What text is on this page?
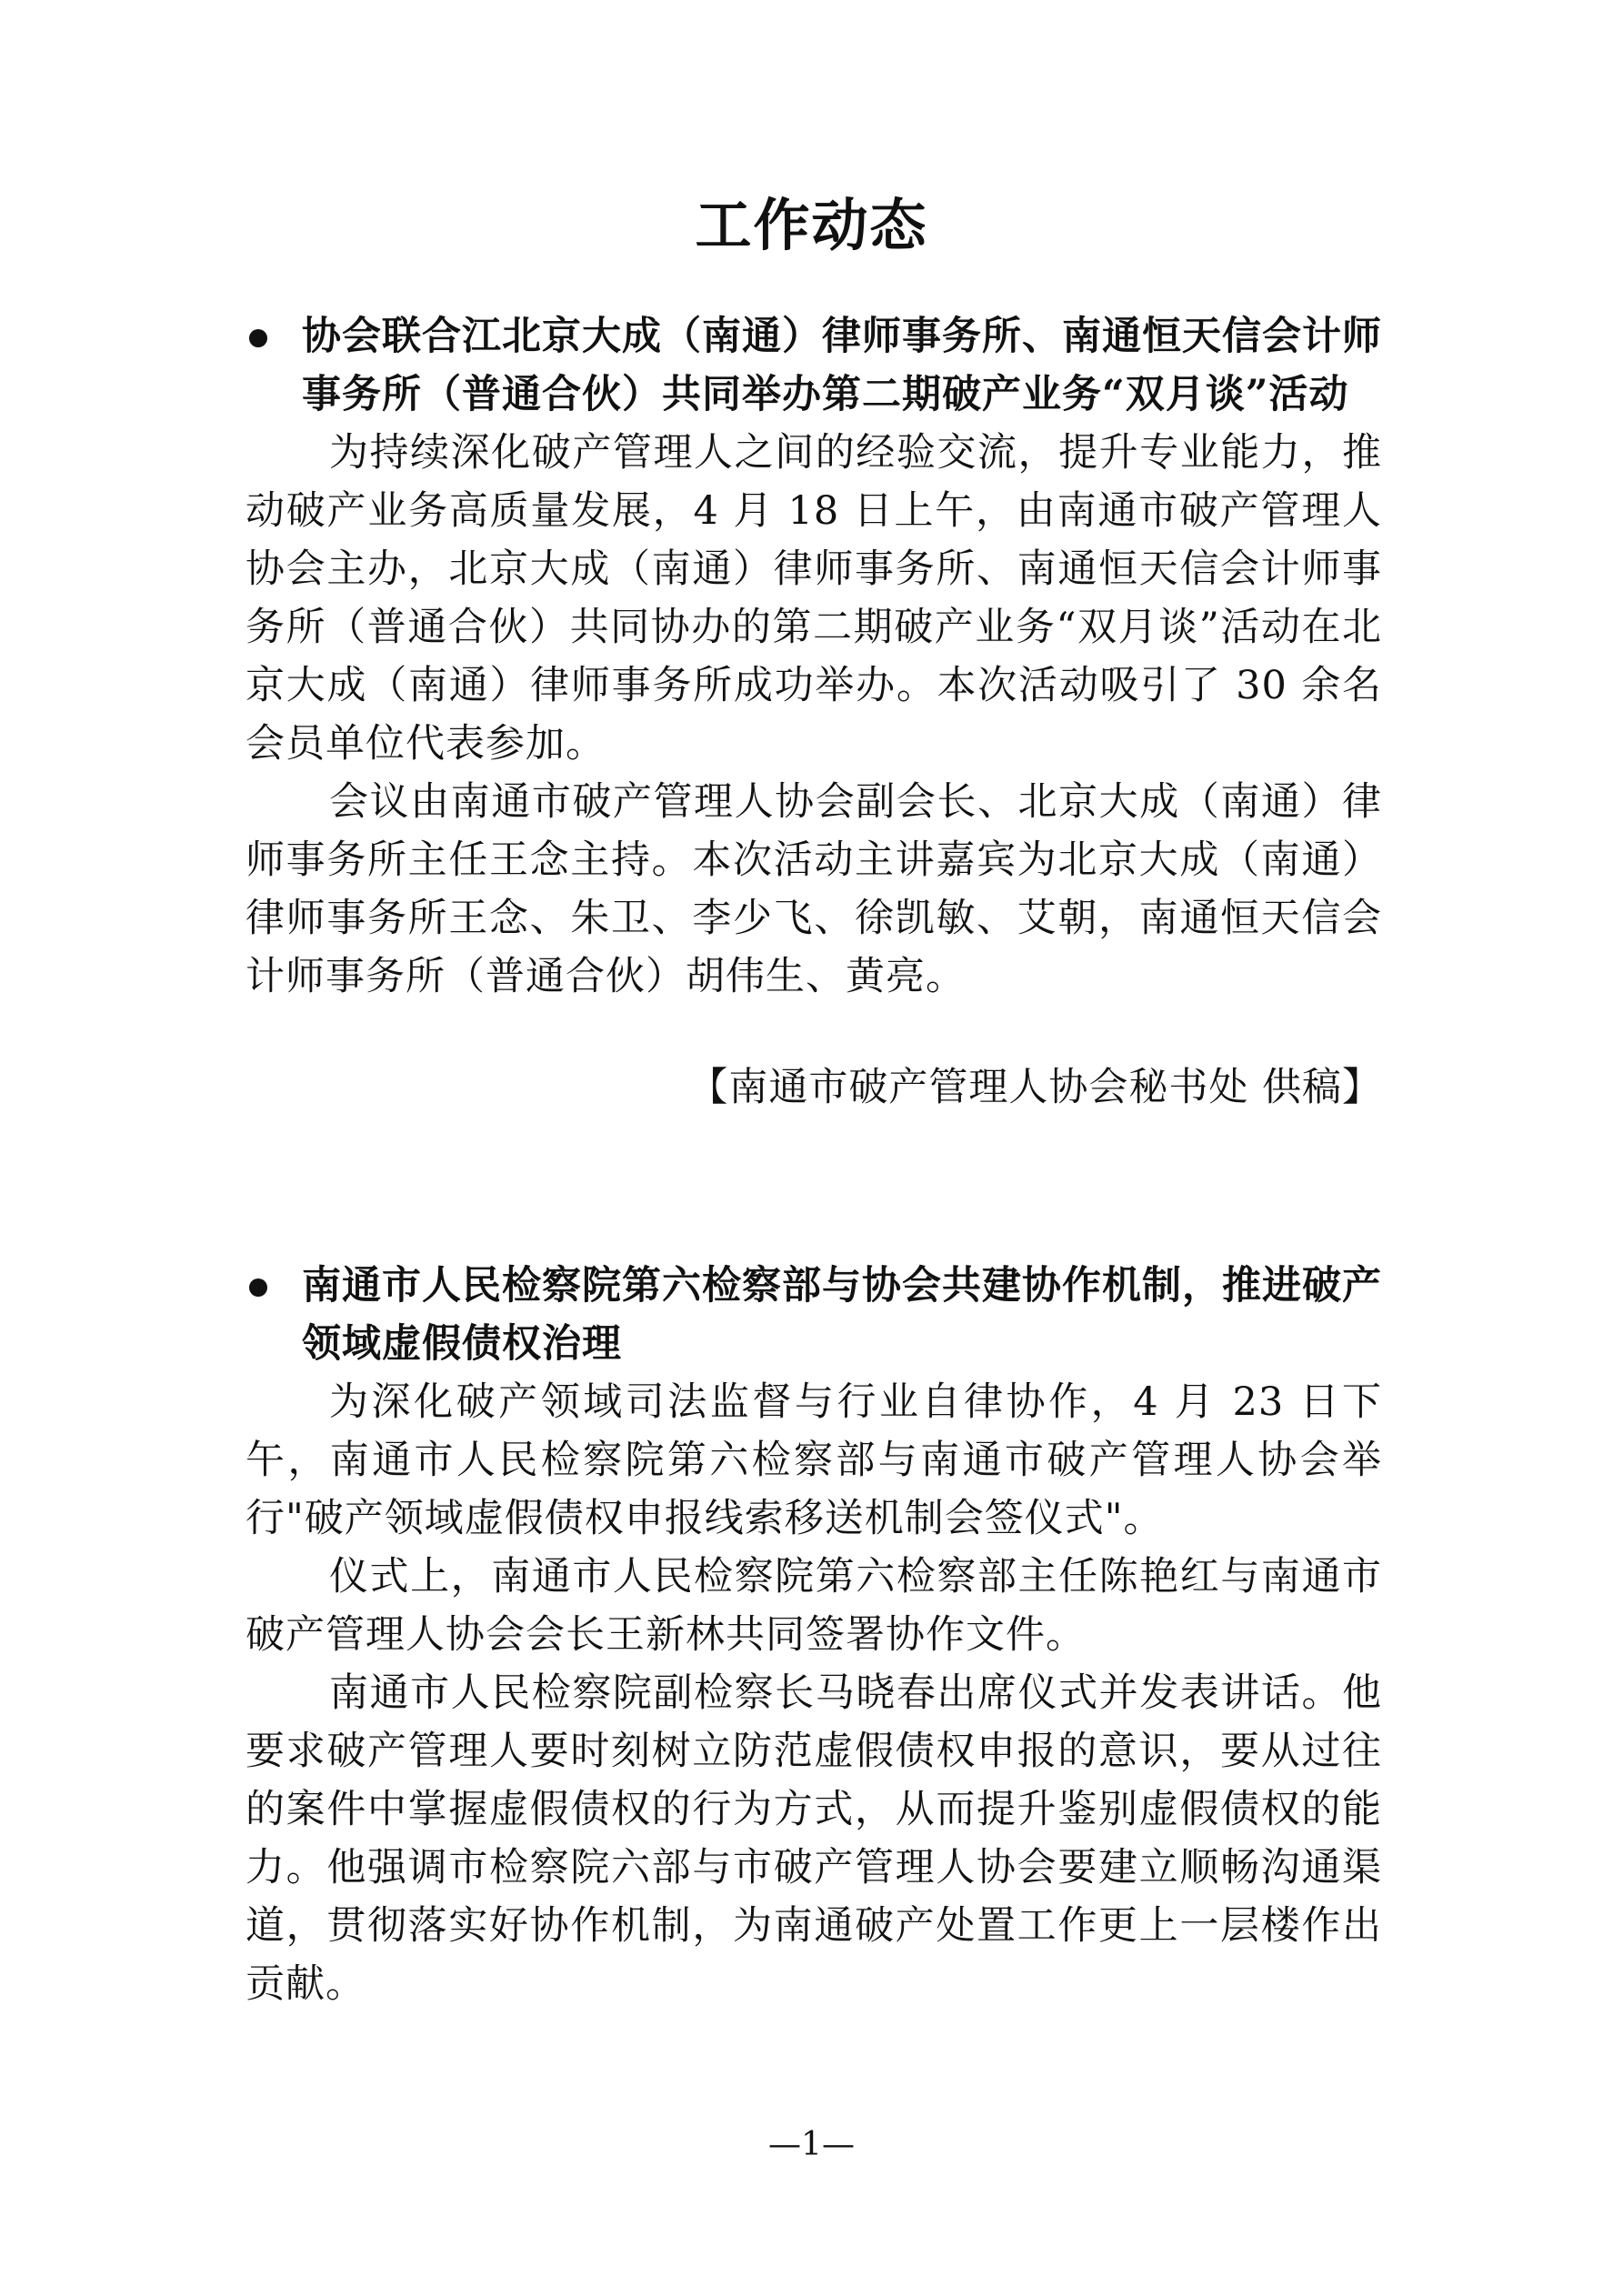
工作动态
协会联合江北京大成（南通）律师事务所、南通恒天信会计师事务所（普通合伙）共同举办第二期破产业务“双月谈”活动

为持续深化破产管理人之间的经验交流，提升专业能力，推动破产业务高质量发展，4 月 18 日上午，由南通市破产管理人协会主办，北京大成（南通）律师事务所、南通恒天信会计师事务所（普通合伙）共同协办的第二期破产业务“双月谈”活动在北京大成（南通）律师事务所成功举办。本次活动吸引了 30 余名会员单位代表参加。

会议由南通市破产管理人协会副会长、北京大成（南通）律师事务所主任王念主持。本次活动主讲嘉宾为北京大成（南通）律师事务所王念、朱卫、李少飞、徐凯敏、艾朝，南通恒天信会计师事务所（普通合伙）胡伟生、黄亮。

【南通市破产管理人协会秘书处 供稿】
南通市人民检察院第六检察部与协会共建协作机制，推进破产领域虚假债权治理

为深化破产领域司法监督与行业自律协作，4 月 23 日下午，南通市人民检察院第六检察部与南通市破产管理人协会举行"破产领域虚假债权申报线索移送机制会签仪式"。

仪式上，南通市人民检察院第六检察部主任陈艳红与南通市破产管理人协会会长王新林共同签署协作文件。

南通市人民检察院副检察长马晓春出席仪式并发表讲话。他要求破产管理人要时刻树立防范虚假债权申报的意识，要从过往的案件中掌握虚假债权的行为方式，从而提升鉴别虚假债权的能力。他强调市检察院六部与市破产管理人协会要建立顺畅沟通渠道，贯彻落实好协作机制，为南通破产处置工作更上一层楼作出贡献。

—1—
